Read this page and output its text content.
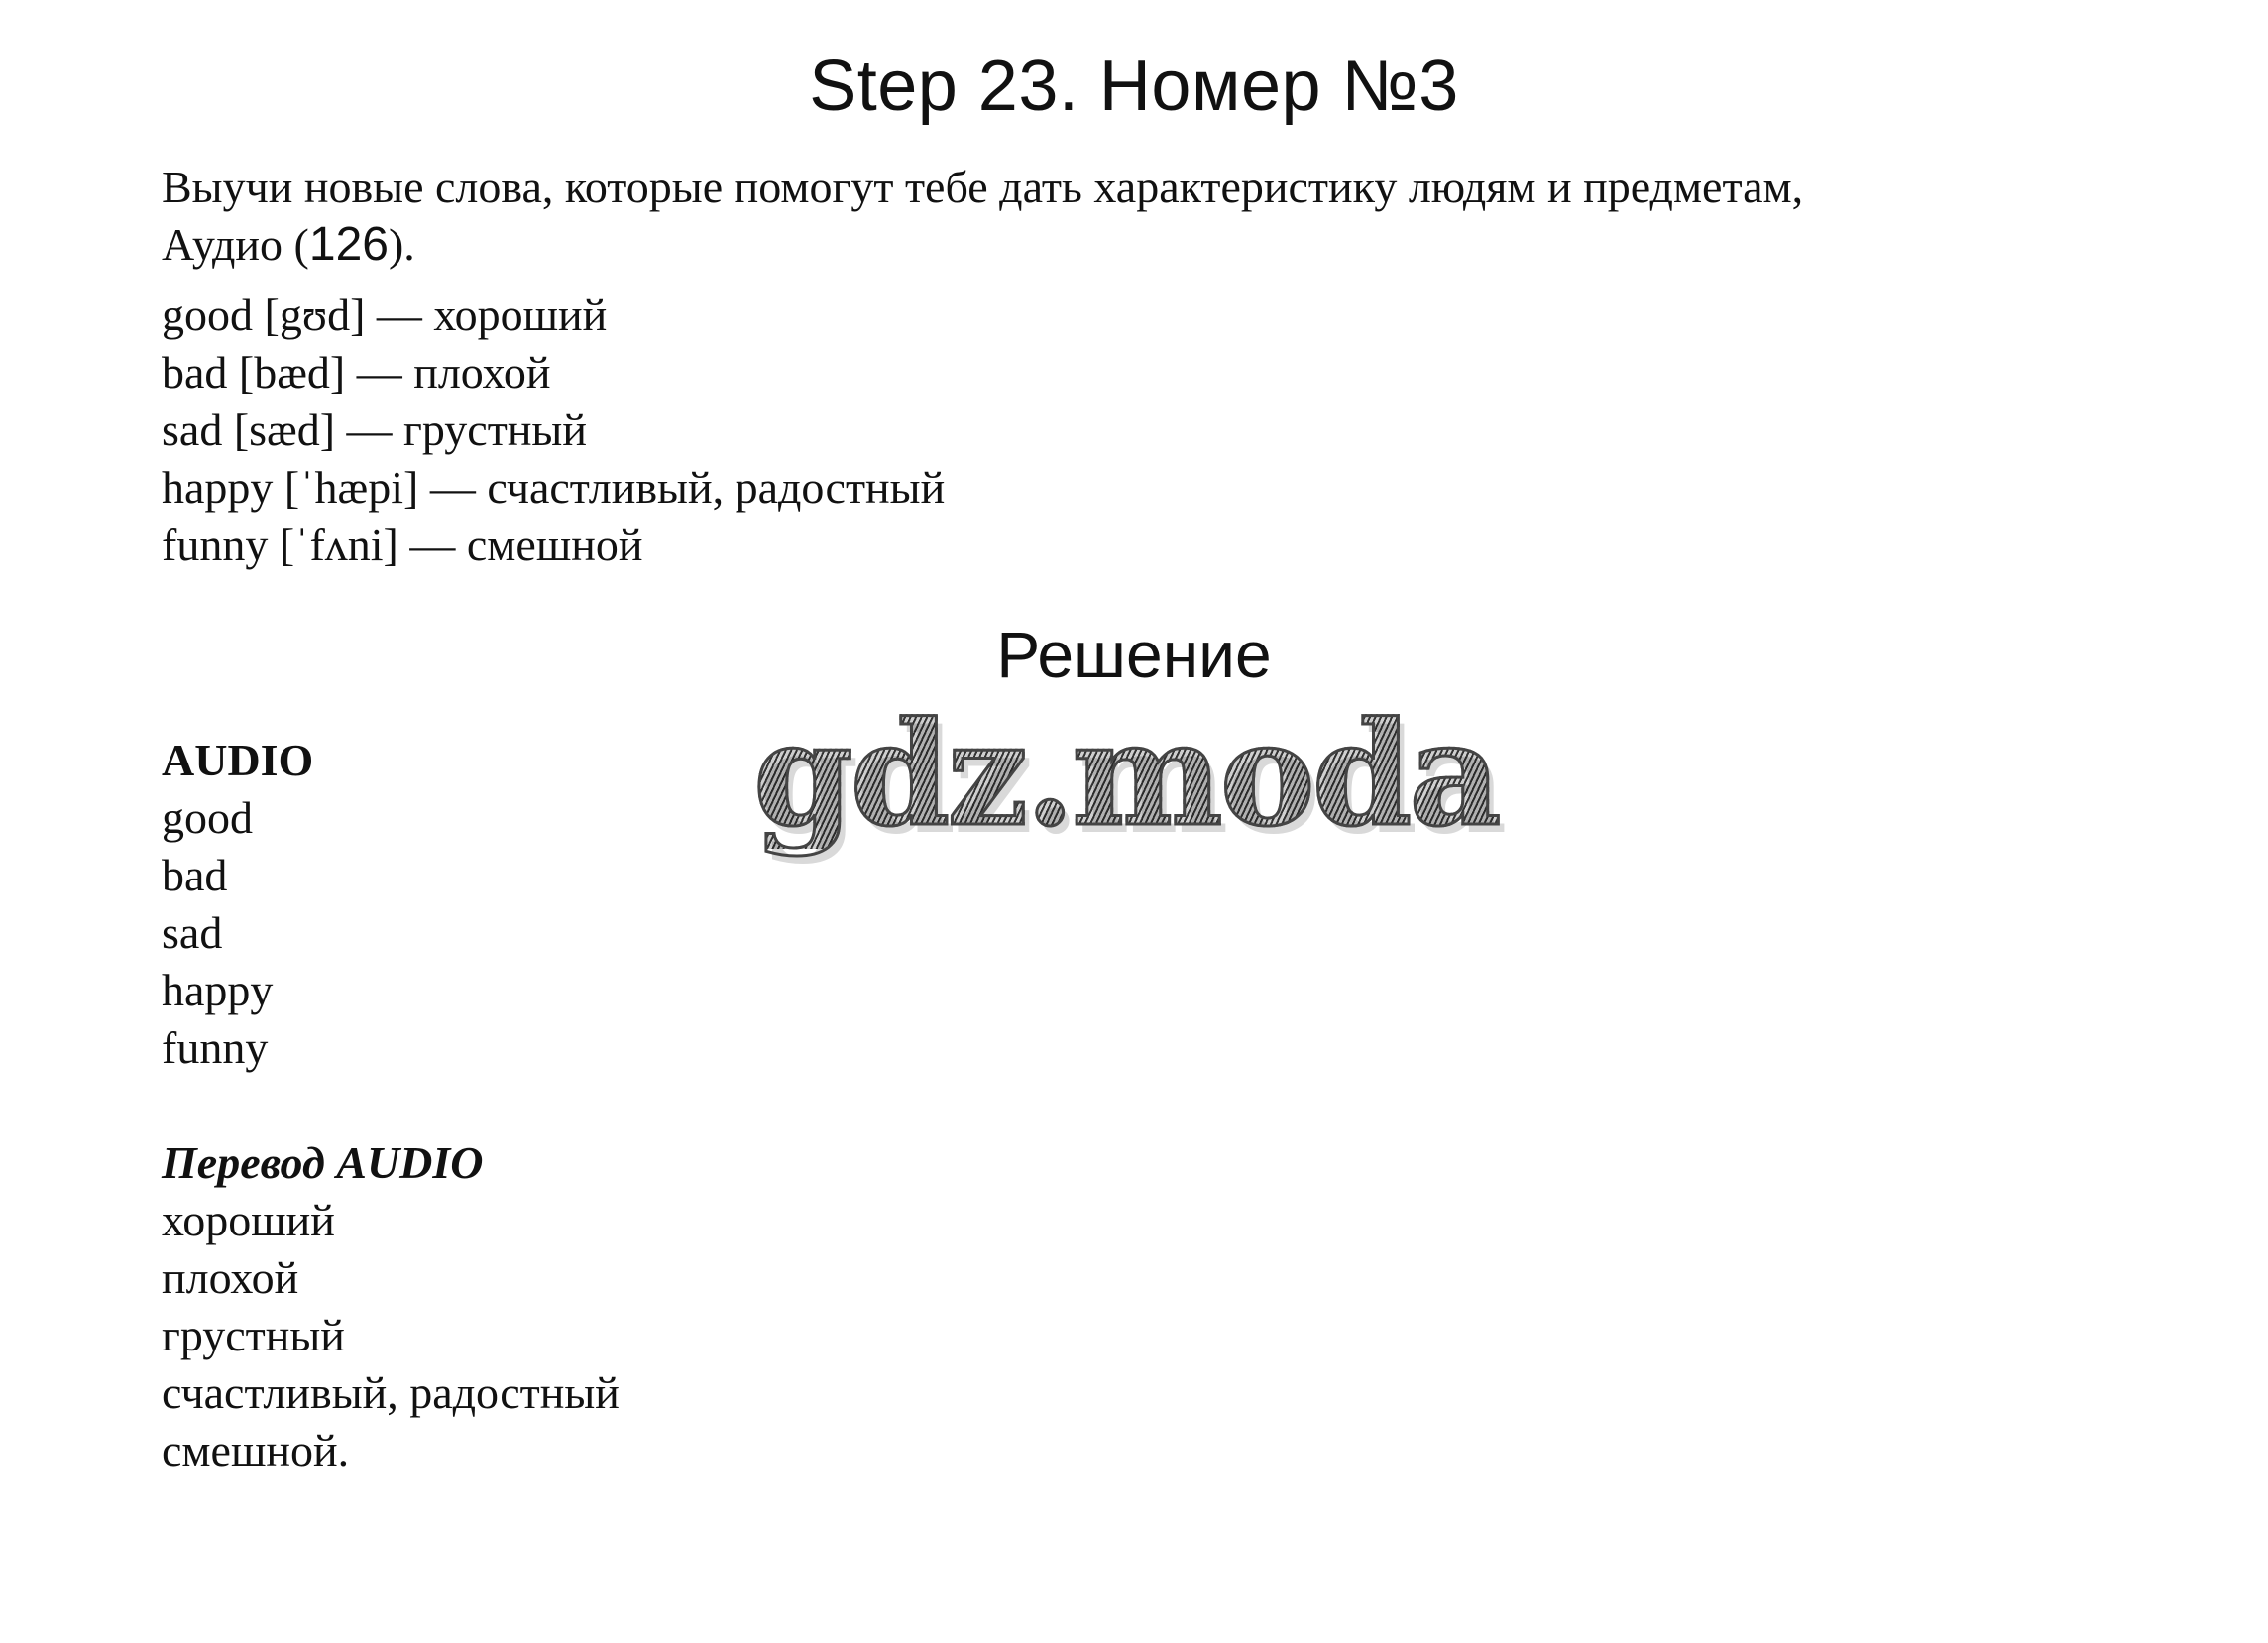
Step 23. Номер №3
Выучи новые слова, которые помогут тебе дать характеристику людям и предметам,
Аудио (126).
good [gʊd] — хороший
bad [bæd] — плохой
sad [sæd] — грустный
happy [ˈhæpi] — счастливый, радостный
funny [ˈfʌni] — смешной
Решение
gdz.moda
AUDIO
good
bad
sad
happy
funny
Перевод AUDIO
хороший
плохой
грустный
счастливый, радостный
смешной.
